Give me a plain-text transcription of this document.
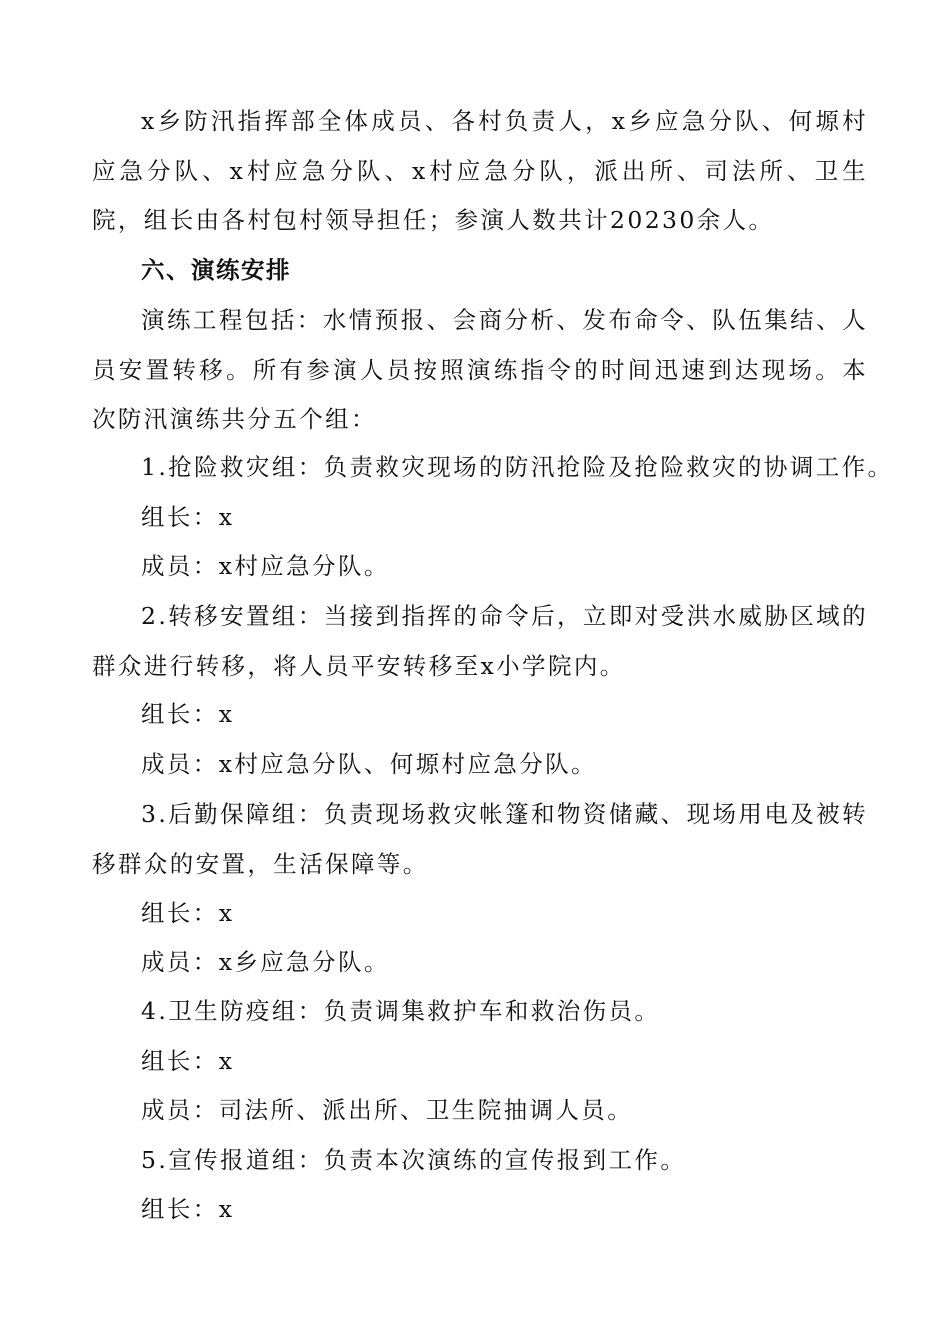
x乡防汛指挥部全体成员、各村负责人，x乡应急分队、何塬村应急分队、x村应急分队、x村应急分队，派出所、司法所、卫生院，组长由各村包村领导担任；参演人数共计20230余人。

六、演练安排

演练工程包括：水情预报、会商分析、发布命令、队伍集结、人员安置转移。所有参演人员按照演练指令的时间迅速到达现场。本次防汛演练共分五个组：

1.抢险救灾组：负责救灾现场的防汛抢险及抢险救灾的协调工作。

组长：x

成员：x村应急分队。

2.转移安置组：当接到指挥的命令后，立即对受洪水威胁区域的群众进行转移，将人员平安转移至x小学院内。

组长：x

成员：x村应急分队、何塬村应急分队。

3.后勤保障组：负责现场救灾帐篷和物资储藏、现场用电及被转移群众的安置，生活保障等。

组长：x

成员：x乡应急分队。

4.卫生防疫组：负责调集救护车和救治伤员。

组长：x

成员：司法所、派出所、卫生院抽调人员。

5.宣传报道组：负责本次演练的宣传报到工作。

组长：x
